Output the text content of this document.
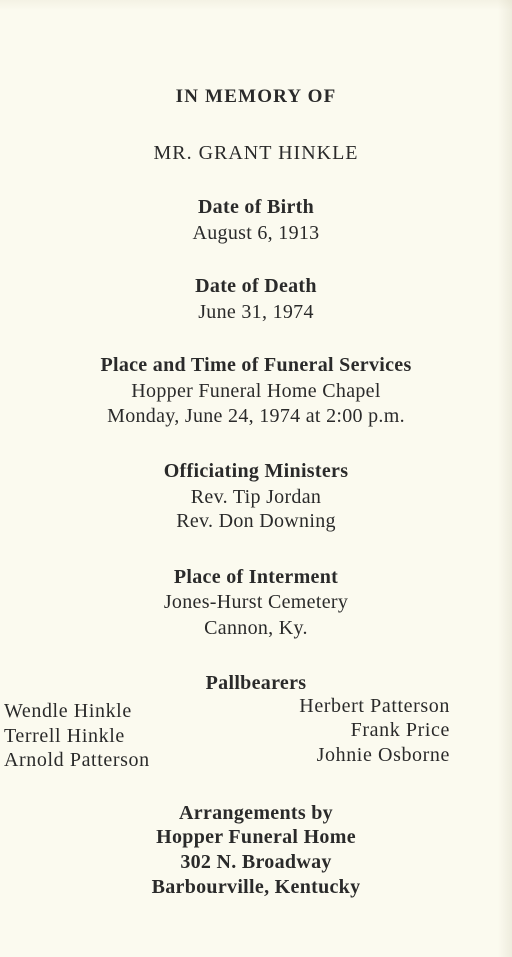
IN MEMORY OF
MR. GRANT HINKLE
Date of Birth
August 6, 1913
Date of Death
June 31, 1974
Place and Time of Funeral Services
Hopper Funeral Home Chapel
Monday, June 24, 1974 at 2:00 p.m.
Officiating Ministers
Rev. Tip Jordan
Rev. Don Downing
Place of Interment
Jones-Hurst Cemetery
Cannon, Ky.
Pallbearers
Wendle Hinkle
Terrell Hinkle
Arnold Patterson
Herbert Patterson
Frank Price
Johnie Osborne
Arrangements by
Hopper Funeral Home
302 N. Broadway
Barbourville, Kentucky
